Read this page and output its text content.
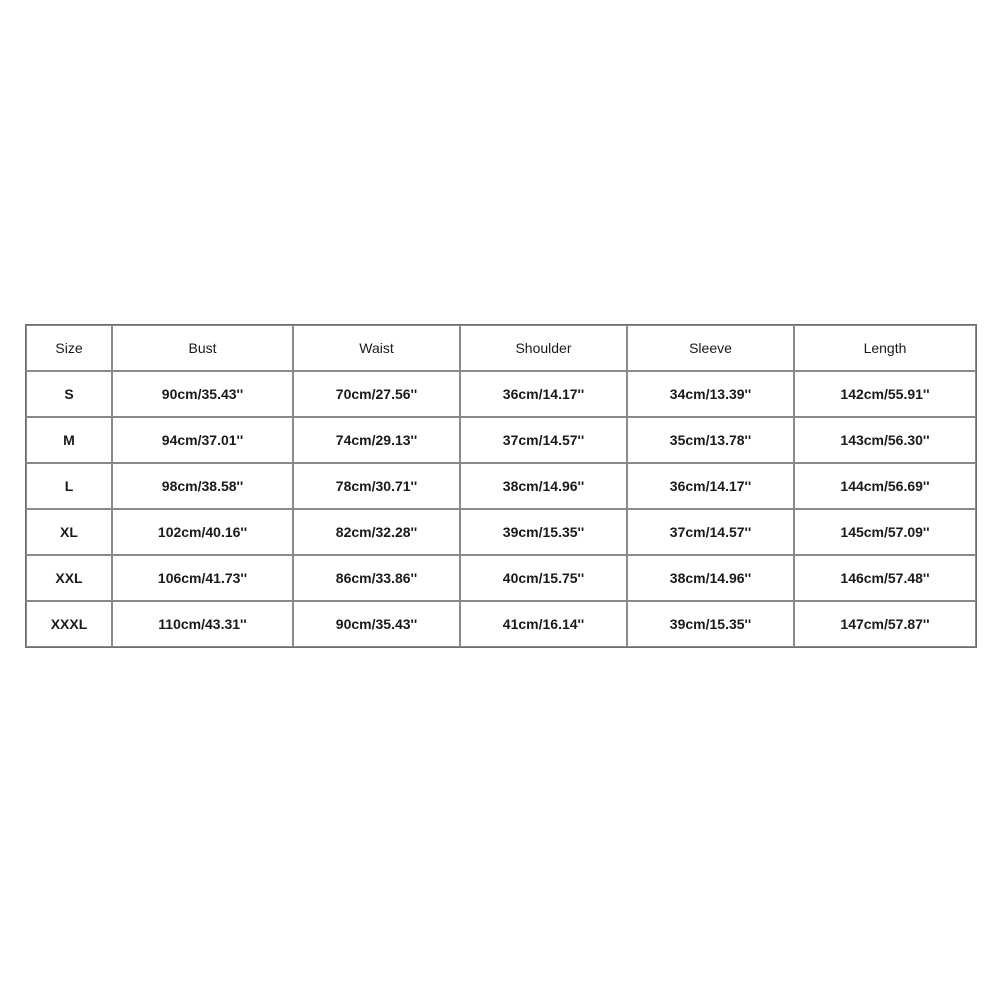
Size	Bust	Waist	Shoulder	Sleeve	Length
S	90cm/35.43''	70cm/27.56''	36cm/14.17''	34cm/13.39''	142cm/55.91''
M	94cm/37.01''	74cm/29.13''	37cm/14.57''	35cm/13.78''	143cm/56.30''
L	98cm/38.58''	78cm/30.71''	38cm/14.96''	36cm/14.17''	144cm/56.69''
XL	102cm/40.16''	82cm/32.28''	39cm/15.35''	37cm/14.57''	145cm/57.09''
XXL	106cm/41.73''	86cm/33.86''	40cm/15.75''	38cm/14.96''	146cm/57.48''
XXXL	110cm/43.31''	90cm/35.43''	41cm/16.14''	39cm/15.35''	147cm/57.87''
